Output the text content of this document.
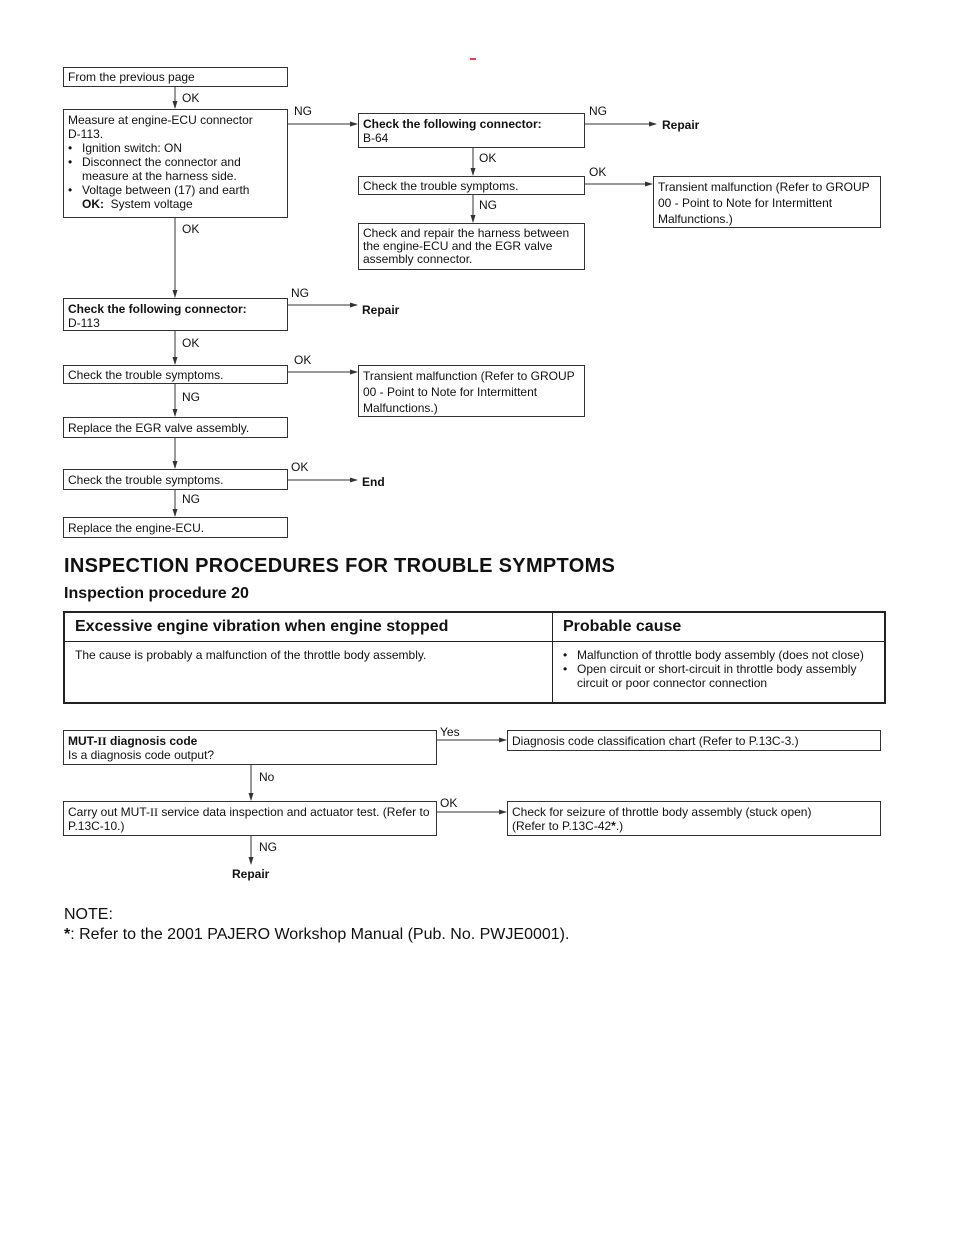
From the previous page
Measure at engine-ECU connector
D-113.
• Ignition switch: ON
• Disconnect the connector and measure at the harness side.
• Voltage between (17) and earth
OK: System voltage
Check the following connector:
B-64
Repair
Check the trouble symptoms.	Transient malfunction (Refer to GROUP 00 - Point to Note for Intermittent Malfunctions.)
Check and repair the harness between the engine-ECU and the EGR valve assembly connector.
Check the following connector:
D-113
Repair
Check the trouble symptoms.	Transient malfunction (Refer to GROUP 00 - Point to Note for Intermittent Malfunctions.)
Replace the EGR valve assembly.
Check the trouble symptoms.	End
Replace the engine-ECU.
OK
NG	NG
OK
OK
NG
OK
NG
OK
OK
NG
OK
NG
INSPECTION PROCEDURES FOR TROUBLE SYMPTOMS
Inspection procedure 20
Excessive engine vibration when engine stopped	Probable cause
The cause is probably a malfunction of the throttle body assembly.	• Malfunction of throttle body assembly (does not close)
• Open circuit or short-circuit in throttle body assembly circuit or poor connector connection
MUT-II diagnosis code
Is a diagnosis code output?
Diagnosis code classification chart (Refer to P.13C-3.)
Carry out MUT-II service data inspection and actuator test. (Refer to P.13C-10.)
Check for seizure of throttle body assembly (stuck open)
(Refer to P.13C-42*.)
Yes
No
OK
NG
Repair
NOTE:
*: Refer to the 2001 PAJERO Workshop Manual (Pub. No. PWJE0001).
